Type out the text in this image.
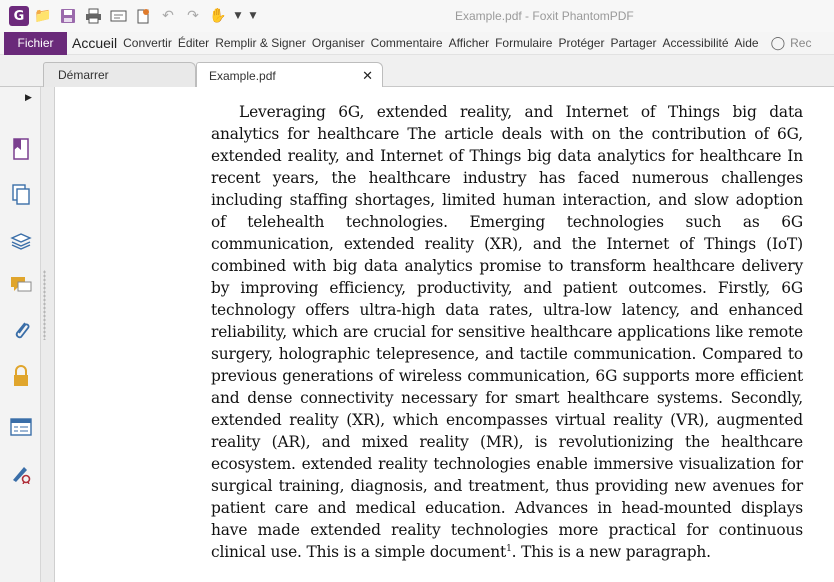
G 📁	↶ ↷ ✋ ▼ ▼	Example.pdf - Foxit PhantomPDF
Fichier	Accueil Convertir Éditer Remplir & Signer Organiser Commentaire Afficher Formulaire Protéger Partager Accessibilité Aide ◯ Rec
Démarrer	Example.pdf	✕
▶
Leveraging 6G, extended reality, and Internet of Things big data analytics for healthcare The article deals with on the contribution of 6G, extended reality, and Internet of Things big data analytics for healthcare In recent years, the healthcare industry has faced numerous challenges including staffing shortages, limited human interaction, and slow adoption of telehealth technologies. Emerging technologies such as 6G communication, extended reality (XR), and the Internet of Things (IoT) combined with big data analytics promise to transform healthcare delivery by improving efficiency, productivity, and patient outcomes. Firstly, 6G technology offers ultra-high data rates, ultra-low latency, and enhanced reliability, which are crucial for sensitive healthcare applications like remote surgery, holographic telepresence, and tactile communication. Compared to previous generations of wireless communication, 6G supports more efficient and dense connectivity necessary for smart healthcare systems. Secondly, extended reality (XR), which encompasses virtual reality (VR), augmented reality (AR), and mixed reality (MR), is revolutionizing the healthcare ecosystem. extended reality technologies enable immersive visualization for surgical training, diagnosis, and treatment, thus providing new avenues for patient care and medical education. Advances in head-mounted displays have made extended reality technologies more practical for continuous clinical use. This is a simple document$^1$. This is a new paragraph.
